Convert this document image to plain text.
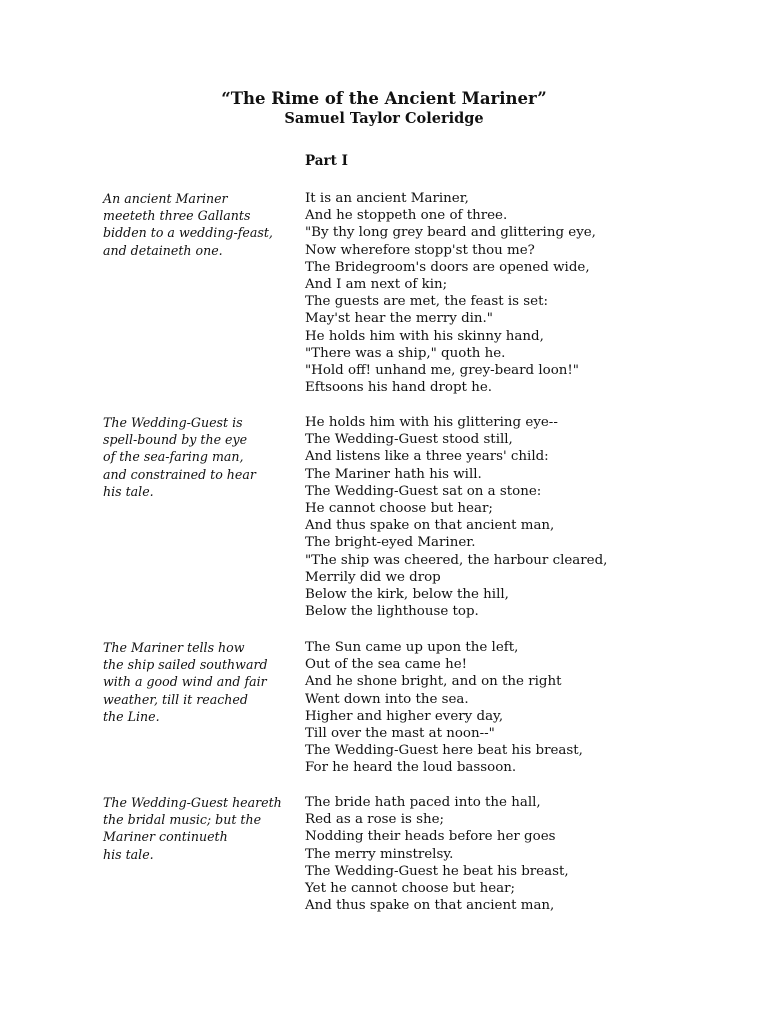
“The Rime of the Ancient Mariner”

Samuel Taylor Coleridge

Part I

An ancient Mariner
meeteth three Gallants
bidden to a wedding-feast,
and detaineth one.
It is an ancient Mariner,
And he stoppeth one of three.
"By thy long grey beard and glittering eye,
Now wherefore stopp'st thou me?
The Bridegroom's doors are opened wide,
And I am next of kin;
The guests are met, the feast is set:
May'st hear the merry din."
He holds him with his skinny hand,
"There was a ship," quoth he.
"Hold off! unhand me, grey-beard loon!"
Eftsoons his hand dropt he.
The Wedding-Guest is
spell-bound by the eye
of the sea-faring man,
and constrained to hear
his tale.
He holds him with his glittering eye--
The Wedding-Guest stood still,
And listens like a three years' child:
The Mariner hath his will.
The Wedding-Guest sat on a stone:
He cannot choose but hear;
And thus spake on that ancient man,
The bright-eyed Mariner.
"The ship was cheered, the harbour cleared,
Merrily did we drop
Below the kirk, below the hill,
Below the lighthouse top.
The Mariner tells how
the ship sailed southward
with a good wind and fair
weather, till it reached
the Line.
The Sun came up upon the left,
Out of the sea came he!
And he shone bright, and on the right
Went down into the sea.
Higher and higher every day,
Till over the mast at noon--"
The Wedding-Guest here beat his breast,
For he heard the loud bassoon.
The Wedding-Guest heareth
the bridal music; but the
Mariner continueth
his tale.
The bride hath paced into the hall,
Red as a rose is she;
Nodding their heads before her goes
The merry minstrelsy.
The Wedding-Guest he beat his breast,
Yet he cannot choose but hear;
And thus spake on that ancient man,
